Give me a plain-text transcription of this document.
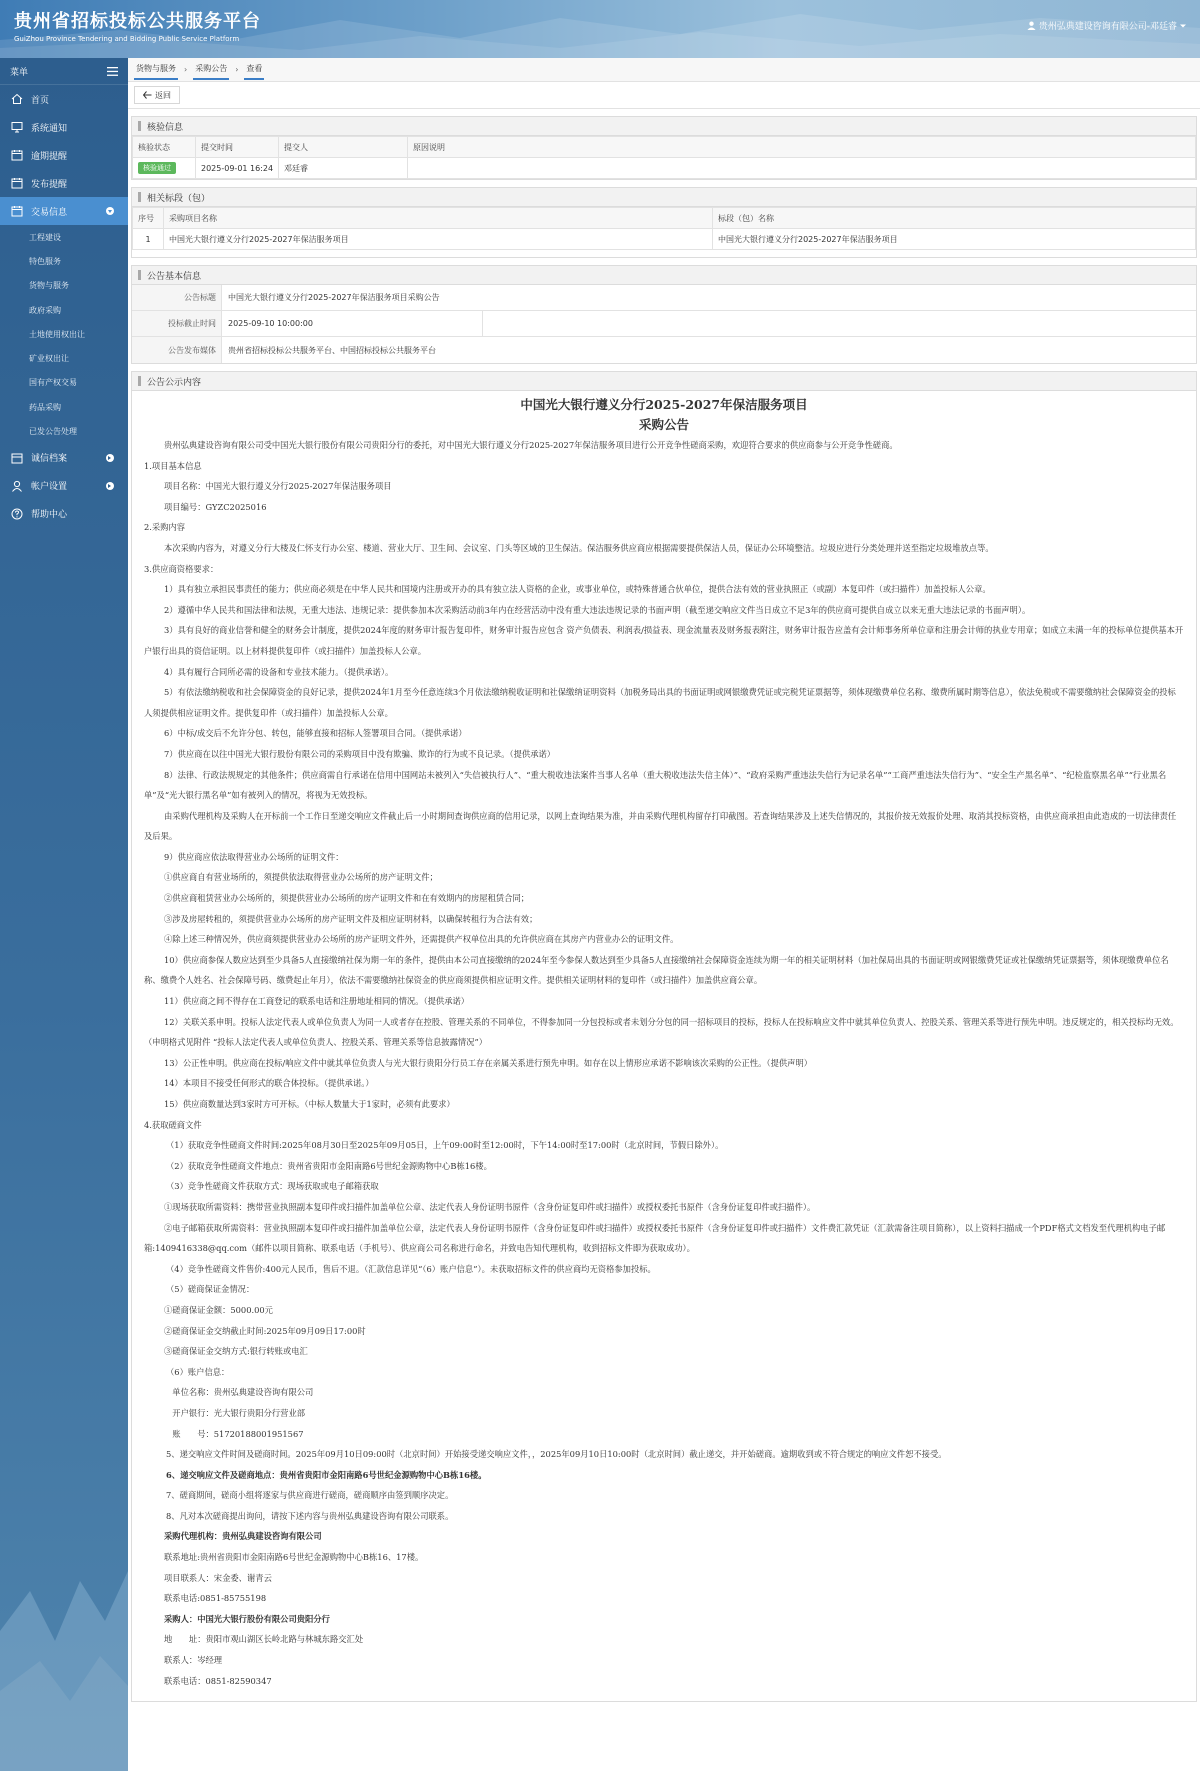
贵州省招标投标公共服务平台
GuiZhou Province Tendering and Bidding Public Service Platform
贵州弘典建设咨询有限公司-邓廷睿
菜单
首页
系统通知
逾期提醒
发布提醒
交易信息
工程建设
特色服务
货物与服务
政府采购
土地使用权出让
矿业权出让
国有产权交易
药品采购
已发公告处理
诚信档案
帐户设置
帮助中心
货物与服务 › 采购公告 › 查看
返回
核验信息
核验状态	提交时间	提交人	原因说明
核验通过	2025-09-01 16:24	邓廷睿	
相关标段（包）
序号	采购项目名称	标段（包）名称
1	中国光大银行遵义分行2025-2027年保洁服务项目	中国光大银行遵义分行2025-2027年保洁服务项目
公告基本信息
公告标题	中国光大银行遵义分行2025-2027年保洁服务项目采购公告
投标截止时间	2025-09-10 10:00:00
公告发布媒体	贵州省招标投标公共服务平台、中国招标投标公共服务平台
公告公示内容
中国光大银行遵义分行2025-2027年保洁服务项目
采购公告

贵州弘典建设咨询有限公司受中国光大银行股份有限公司贵阳分行的委托，对中国光大银行遵义分行2025-2027年保洁服务项目进行公开竞争性磋商采购，欢迎符合要求的供应商参与公开竞争性磋商。

1.项目基本信息

项目名称：中国光大银行遵义分行2025-2027年保洁服务项目

项目编号：GYZC2025016

2.采购内容

本次采购内容为，对遵义分行大楼及仁怀支行办公室、楼道、营业大厅、卫生间、会议室、门头等区域的卫生保洁。保洁服务供应商应根据需要提供保洁人员，保证办公环境整洁。垃圾应进行分类处理并送至指定垃圾堆放点等。

3.供应商资格要求：

1）具有独立承担民事责任的能力；供应商必须是在中华人民共和国境内注册或开办的具有独立法人资格的企业，或事业单位，或特殊普通合伙单位，提供合法有效的营业执照正（或副）本复印件（或扫描件）加盖投标人公章。

2）遵循中华人民共和国法律和法规，无重大违法、违规记录：提供参加本次采购活动前3年内在经营活动中没有重大违法违规记录的书面声明（截至递交响应文件当日成立不足3年的供应商可提供自成立以来无重大违法记录的书面声明）。

3）具有良好的商业信誉和健全的财务会计制度，提供2024年度的财务审计报告复印件，财务审计报告应包含 资产负债表、利润表/损益表、现金流量表及财务报表附注，财务审计报告应盖有会计师事务所单位章和注册会计师的执业专用章；如成立未满一年的投标单位提供基本开户银行出具的资信证明。以上材料提供复印件（或扫描件）加盖投标人公章。

4）具有履行合同所必需的设备和专业技术能力。（提供承诺）。

5）有依法缴纳税收和社会保障资金的良好记录，提供2024年1月至今任意连续3个月依法缴纳税收证明和社保缴纳证明资料（加税务局出具的书面证明或网银缴费凭证或完税凭证票据等，须体现缴费单位名称、缴费所属时期等信息），依法免税或不需要缴纳社会保障资金的投标人须提供相应证明文件。提供复印件（或扫描件）加盖投标人公章。

6）中标/成交后不允许分包、转包，能够直接和招标人签署项目合同。（提供承诺）

7）供应商在以往中国光大银行股份有限公司的采购项目中没有欺骗、欺诈的行为或不良记录。（提供承诺）

8）法律、行政法规规定的其他条件；供应商需自行承诺在信用中国网站未被列入“失信被执行人”、“重大税收违法案件当事人名单（重大税收违法失信主体）”、“政府采购严重违法失信行为记录名单”“工商严重违法失信行为”、“安全生产黑名单”、“纪检监察黑名单”“行业黑名单”及“光大银行黑名单”如有被列入的情况，将视为无效投标。

由采购代理机构及采购人在开标前一个工作日至递交响应文件截止后一小时期间查询供应商的信用记录，以网上查询结果为准，并由采购代理机构留存打印截图。若查询结果涉及上述失信情况的，其报价按无效报价处理、取消其投标资格，由供应商承担由此造成的一切法律责任及后果。

9）供应商应依法取得营业办公场所的证明文件：

①供应商自有营业场所的，须提供依法取得营业办公场所的房产证明文件；

②供应商租赁营业办公场所的，须提供营业办公场所的房产证明文件和在有效期内的房屋租赁合同；

③涉及房屋转租的，须提供营业办公场所的房产证明文件及相应证明材料，以确保转租行为合法有效；

④除上述三种情况外，供应商须提供营业办公场所的房产证明文件外，还需提供产权单位出具的允许供应商在其房产内营业办公的证明文件。

10）供应商参保人数应达到至少具备5人直接缴纳社保为期一年的条件，提供由本公司直接缴纳的2024年至今参保人数达到至少具备5人直接缴纳社会保障资金连续为期一年的相关证明材料（加社保局出具的书面证明或网银缴费凭证或社保缴纳凭证票据等，须体现缴费单位名称、缴费个人姓名、社会保障号码、缴费起止年月），依法不需要缴纳社保资金的供应商须提供相应证明文件。提供相关证明材料的复印件（或扫描件）加盖供应商公章。

11）供应商之间不得存在工商登记的联系电话和注册地址相同的情况。（提供承诺）

12）关联关系申明。投标人法定代表人或单位负责人为同一人或者存在控股、管理关系的不同单位，不得参加同一分包投标或者未划分分包的同一招标项目的投标，投标人在投标响应文件中就其单位负责人、控股关系、管理关系等进行预先申明。违反规定的，相关投标均无效。（申明格式见附件 “投标人法定代表人或单位负责人、控股关系、管理关系等信息披露情况”）

13）公正性申明。供应商在投标/响应文件中就其单位负责人与光大银行贵阳分行员工存在亲属关系进行预先申明。如存在以上情形应承诺不影响该次采购的公正性。（提供声明）

14）本项目不接受任何形式的联合体投标。（提供承诺。）

15）供应商数量达到3家时方可开标。（中标人数量大于1家时，必须有此要求）

4.获取磋商文件

（1）获取竞争性磋商文件时间:2025年08月30日至2025年09月05日，上午09:00时至12:00时，下午14:00时至17:00时（北京时间，节假日除外）。

（2）获取竞争性磋商文件地点：贵州省贵阳市金阳南路6号世纪金源购物中心B栋16楼。

（3）竞争性磋商文件获取方式：现场获取或电子邮箱获取

①现场获取所需资料：携带营业执照副本复印件或扫描件加盖单位公章、法定代表人身份证明书原件（含身份证复印件或扫描件）或授权委托书原件（含身份证复印件或扫描件）。

②电子邮箱获取所需资料：营业执照副本复印件或扫描件加盖单位公章，法定代表人身份证明书原件（含身份证复印件或扫描件）或授权委托书原件（含身份证复印件或扫描件）文件费汇款凭证（汇款需备注项目简称），以上资料扫描成一个PDF格式文档发至代理机构电子邮箱:1409416338@qq.com（邮件以项目简称、联系电话（手机号）、供应商公司名称进行命名，并致电告知代理机构，收到招标文件即为获取成功）。

（4）竞争性磋商文件售价:400元人民币，售后不退。（汇款信息详见“（6）账户信息”）。未获取招标文件的供应商均无资格参加投标。

（5）磋商保证金情况：

①磋商保证金额：5000.00元

②磋商保证金交纳截止时间:2025年09月09日17:00时

③磋商保证金交纳方式:银行转账或电汇

（6）账户信息：

　单位名称：贵州弘典建设咨询有限公司

　开户银行：光大银行贵阳分行营业部

　账　　号：51720188001951567

5、递交响应文件时间及磋商时间。2025年09月10日09:00时（北京时间）开始接受递交响应文件，，2025年09月10日10:00时（北京时间）截止递交，并开始磋商。逾期收到或不符合规定的响应文件恕不接受。

6、递交响应文件及磋商地点：贵州省贵阳市金阳南路6号世纪金源购物中心B栋16楼。

7、磋商期间，磋商小组将逐家与供应商进行磋商，磋商顺序由签到顺序决定。

8、凡对本次磋商提出询问，请按下述内容与贵州弘典建设咨询有限公司联系。

采购代理机构：贵州弘典建设咨询有限公司

联系地址:贵州省贵阳市金阳南路6号世纪金源购物中心B栋16、17楼。

项目联系人：宋金委、谢青云

联系电话:0851-85755198

采购人：中国光大银行股份有限公司贵阳分行

地　　址：贵阳市观山湖区长岭北路与林城东路交汇处

联系人：岑经理

联系电话：0851-82590347
